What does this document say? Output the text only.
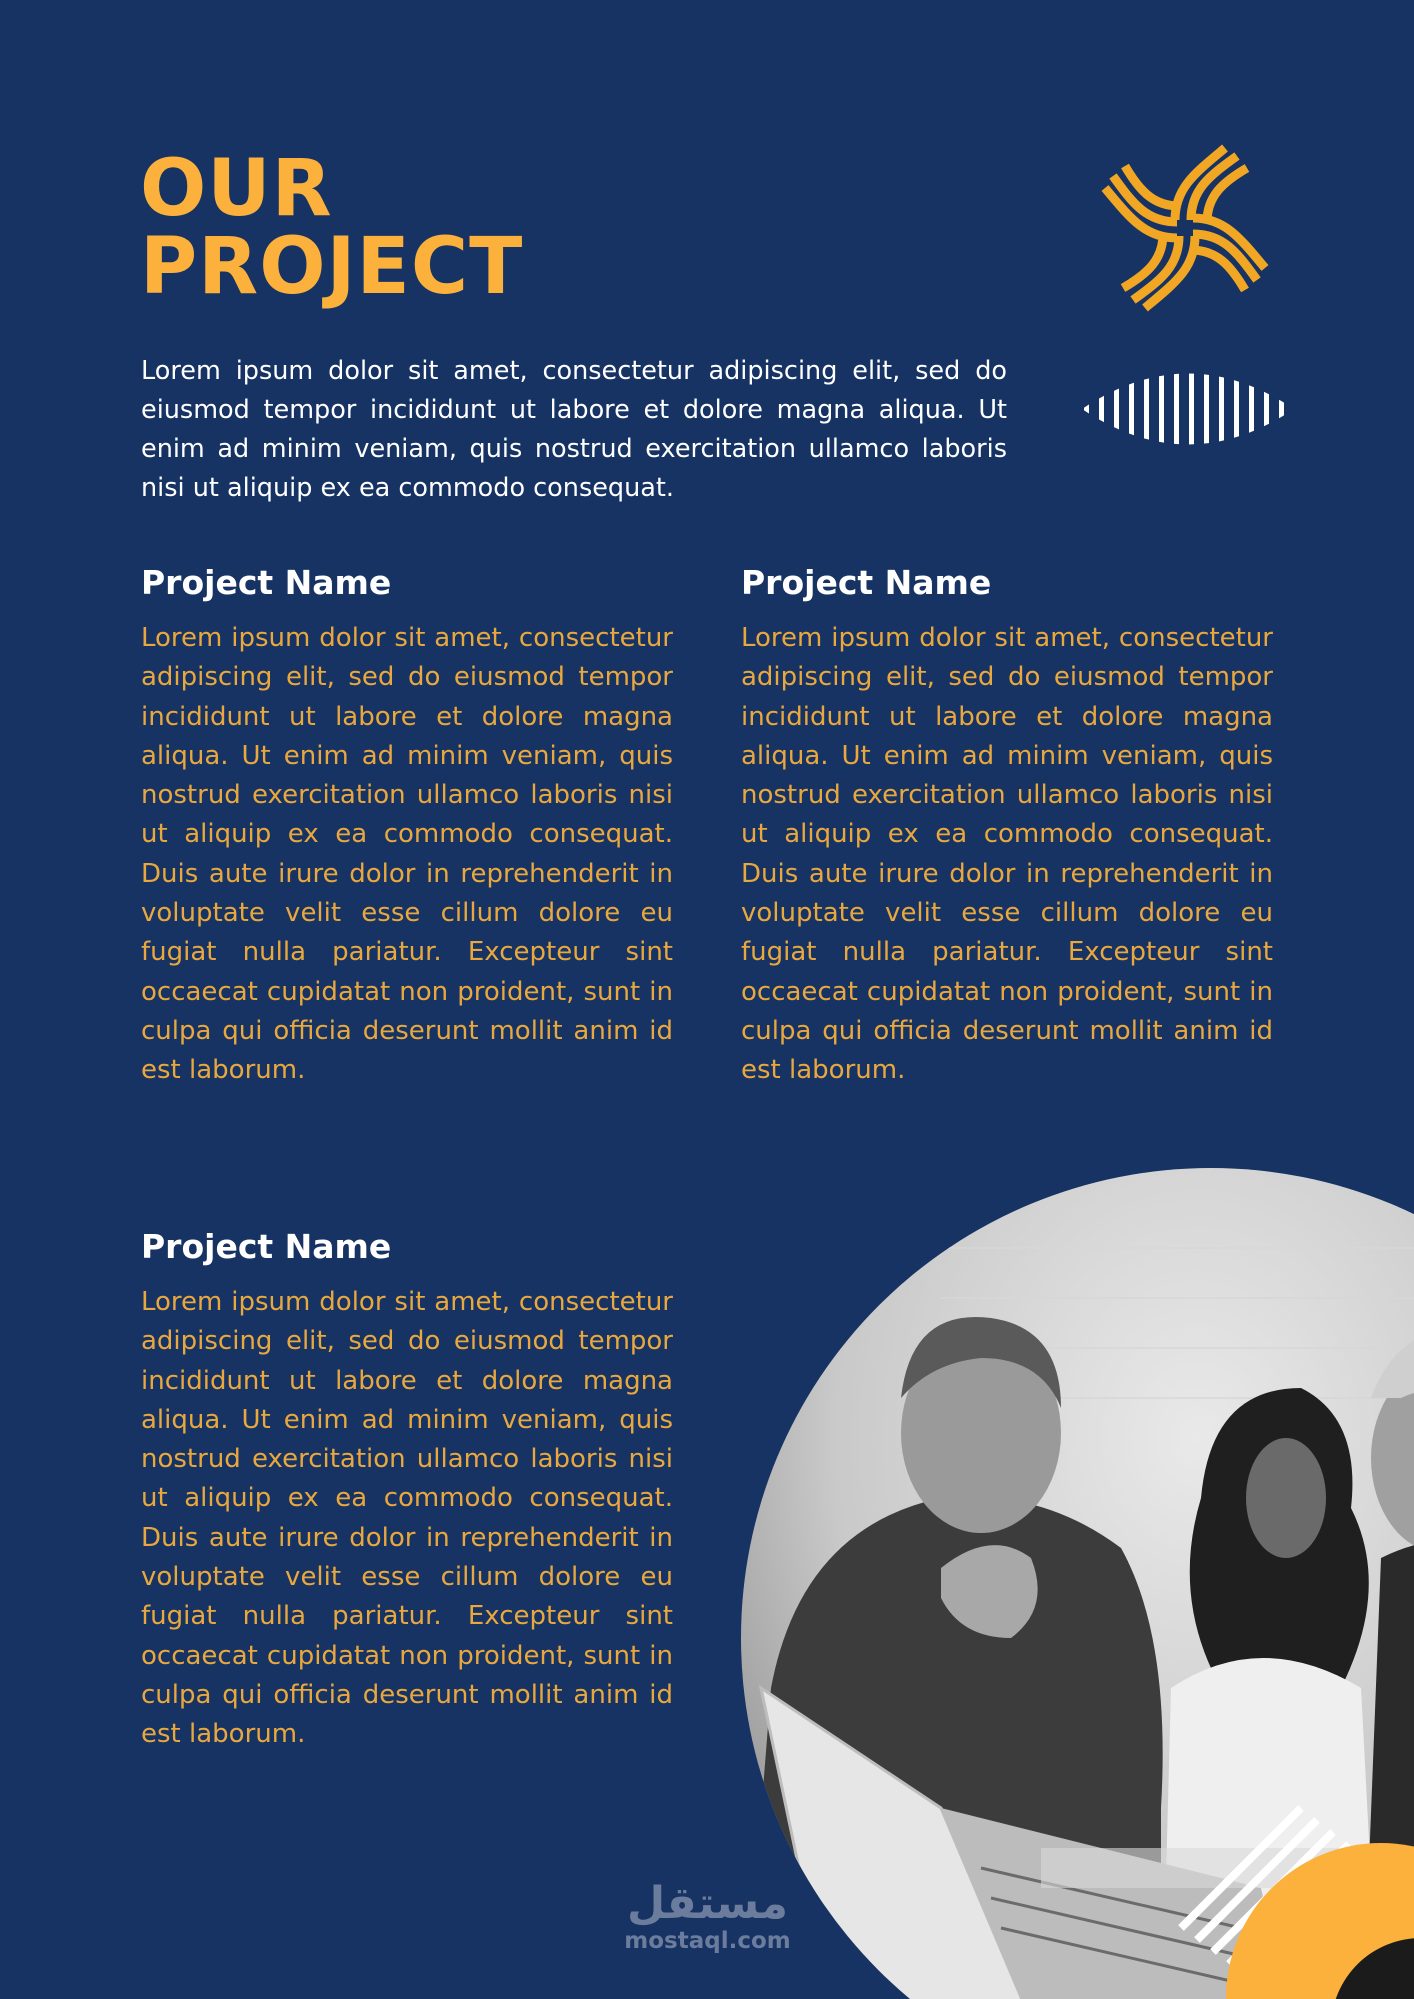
OUR
PROJECT

Lorem ipsum dolor sit amet, consectetur adipiscing elit, sed do eiusmod tempor incididunt ut labore et dolore magna aliqua. Ut enim ad minim veniam, quis nostrud exercitation ullamco laboris nisi ut aliquip ex ea commodo consequat.

Project Name

Lorem ipsum dolor sit amet, consectetur adipiscing elit, sed do eiusmod tempor incididunt ut labore et dolore magna aliqua. Ut enim ad minim veniam, quis nostrud exercitation ullamco laboris nisi ut aliquip ex ea commodo consequat. Duis aute irure dolor in reprehenderit in voluptate velit esse cillum dolore eu fugiat nulla pariatur. Excepteur sint occaecat cupidatat non proident, sunt in culpa qui officia deserunt mollit anim id est laborum.

Project Name

Lorem ipsum dolor sit amet, consectetur adipiscing elit, sed do eiusmod tempor incididunt ut labore et dolore magna aliqua. Ut enim ad minim veniam, quis nostrud exercitation ullamco laboris nisi ut aliquip ex ea commodo consequat. Duis aute irure dolor in reprehenderit in voluptate velit esse cillum dolore eu fugiat nulla pariatur. Excepteur sint occaecat cupidatat non proident, sunt in culpa qui officia deserunt mollit anim id est laborum.

Project Name

Lorem ipsum dolor sit amet, consectetur adipiscing elit, sed do eiusmod tempor incididunt ut labore et dolore magna aliqua. Ut enim ad minim veniam, quis nostrud exercitation ullamco laboris nisi ut aliquip ex ea commodo consequat. Duis aute irure dolor in reprehenderit in voluptate velit esse cillum dolore eu fugiat nulla pariatur. Excepteur sint occaecat cupidatat non proident, sunt in culpa qui officia deserunt mollit anim id est laborum.

مستقل
mostaql.com
